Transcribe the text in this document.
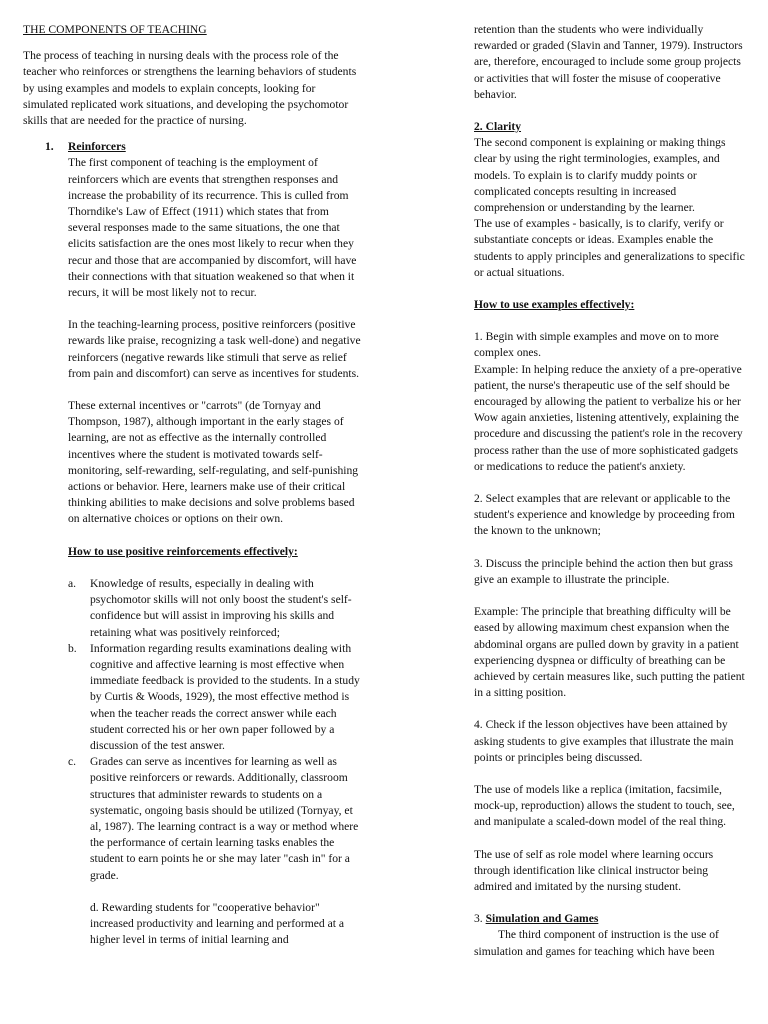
THE COMPONENTS OF TEACHING

The process of teaching in nursing deals with the process role of the teacher who reinforces or strengthens the learning behaviors of students by using examples and models to explain concepts, looking for simulated replicated work situations, and developing the psychomotor skills that are needed for the practice of nursing.

1. Reinforcers

The first component of teaching is the employment of reinforcers which are events that strengthen responses and increase the probability of its recurrence. This is culled from Thorndike's Law of Effect (1911) which states that from several responses made to the same situations, the one that elicits satisfaction are the ones most likely to recur when they recur and those that are accompanied by discomfort, will have their connections with that situation weakened so that when it recurs, it will be most likely not to recur.

In the teaching-learning process, positive reinforcers (positive rewards like praise, recognizing a task well-done) and negative reinforcers (negative rewards like stimuli that serve as relief from pain and discomfort) can serve as incentives for students.

These external incentives or "carrots" (de Tornyay and Thompson, 1987), although important in the early stages of learning, are not as effective as the internally controlled incentives where the student is motivated towards self-monitoring, self-rewarding, self-regulating, and self-punishing actions or behavior. Here, learners make use of their critical thinking abilities to make decisions and solve problems based on alternative choices or options on their own.

How to use positive reinforcements effectively:

a. Knowledge of results, especially in dealing with psychomotor skills will not only boost the student's self-confidence but will assist in improving his skills and retaining what was positively reinforced;

b. Information regarding results examinations dealing with cognitive and affective learning is most effective when immediate feedback is provided to the students. In a study by Curtis & Woods, 1929), the most effective method is when the teacher reads the correct answer while each student corrected his or her own paper followed by a discussion of the test answer.

c. Grades can serve as incentives for learning as well as positive reinforcers or rewards. Additionally, classroom structures that administer rewards to students on a systematic, ongoing basis should be utilized (Tornyay, et al, 1987). The learning contract is a way or method where the performance of certain learning tasks enables the student to earn points he or she may later "cash in" for a grade.

d. Rewarding students for "cooperative behavior" increased productivity and learning and performed at a higher level in terms of initial learning and

retention than the students who were individually rewarded or graded (Slavin and Tanner, 1979). Instructors are, therefore, encouraged to include some group projects or activities that will foster the misuse of cooperative behavior.

2. Clarity

The second component is explaining or making things clear by using the right terminologies, examples, and models. To explain is to clarify muddy points or complicated concepts resulting in increased comprehension or understanding by the learner.

The use of examples - basically, is to clarify, verify or substantiate concepts or ideas. Examples enable the students to apply principles and generalizations to specific or actual situations.

How to use examples effectively:

1. Begin with simple examples and move on to more complex ones.

Example: In helping reduce the anxiety of a pre-operative patient, the nurse's therapeutic use of the self should be encouraged by allowing the patient to verbalize his or her Wow again anxieties, listening attentively, explaining the procedure and discussing the patient's role in the recovery process rather than the use of more sophisticated gadgets or medications to reduce the patient's anxiety.

2. Select examples that are relevant or applicable to the student's experience and knowledge by proceeding from the known to the unknown;

3. Discuss the principle behind the action then but grass give an example to illustrate the principle.

Example: The principle that breathing difficulty will be eased by allowing maximum chest expansion when the abdominal organs are pulled down by gravity in a patient experiencing dyspnea or difficulty of breathing can be achieved by certain measures like, such putting the patient in a sitting position.

4. Check if the lesson objectives have been attained by asking students to give examples that illustrate the main points or principles being discussed.

The use of models like a replica (imitation, facsimile, mock-up, reproduction) allows the student to touch, see, and manipulate a scaled-down model of the real thing.

The use of self as role model where learning occurs through identification like clinical instructor being admired and imitated by the nursing student.

3. Simulation and Games

The third component of instruction is the use of simulation and games for teaching which have been
